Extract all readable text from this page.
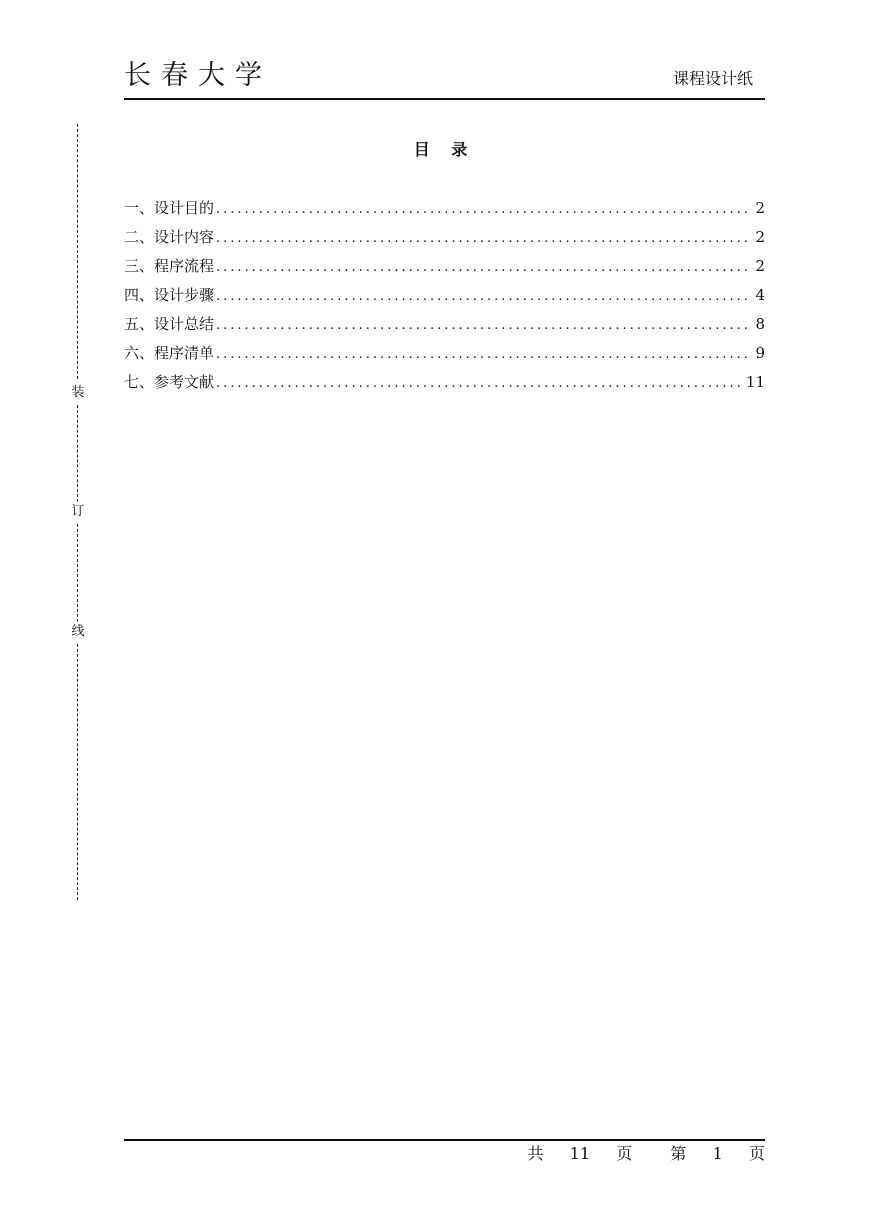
长春大学	课程设计纸
装
订
线
目 录
一、设计目的 .....	2
二、设计内容 .....	2
三、程序流程 .....	2
四、设计步骤 .....	4
五、设计总结 .....	8
六、程序清单 .....	9
七、参考文献 .....	11
共 11 页 第 1 页
